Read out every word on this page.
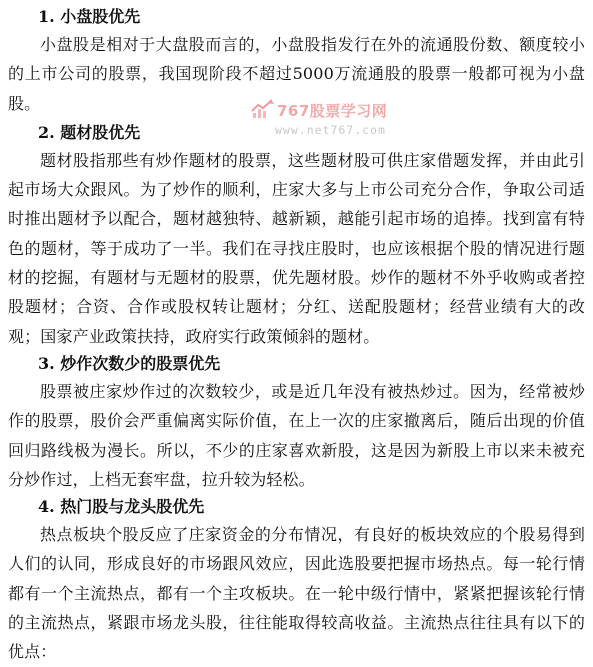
1. 小盘股优先

小盘股是相对于大盘股而言的，小盘股指发行在外的流通股份数、额度较小的上市公司的股票，我国现阶段不超过5000万流通股的股票一般都可视为小盘股。

2. 题材股优先

题材股指那些有炒作题材的股票，这些题材股可供庄家借题发挥，并由此引起市场大众跟风。为了炒作的顺利，庄家大多与上市公司充分合作，争取公司适时推出题材予以配合，题材越独特、越新颖，越能引起市场的追捧。找到富有特色的题材，等于成功了一半。我们在寻找庄股时，也应该根据个股的情况进行题材的挖掘，有题材与无题材的股票，优先题材股。炒作的题材不外乎收购或者控股题材；合资、合作或股权转让题材；分红、送配股题材；经营业绩有大的改观；国家产业政策扶持，政府实行政策倾斜的题材。

3. 炒作次数少的股票优先

股票被庄家炒作过的次数较少，或是近几年没有被热炒过。因为，经常被炒作的股票，股价会严重偏离实际价值，在上一次的庄家撤离后，随后出现的价值回归路线极为漫长。所以，不少的庄家喜欢新股，这是因为新股上市以来未被充分炒作过，上档无套牢盘，拉升较为轻松。

4. 热门股与龙头股优先

热点板块个股反应了庄家资金的分布情况，有良好的板块效应的个股易得到人们的认同，形成良好的市场跟风效应，因此选股要把握市场热点。每一轮行情都有一个主流热点，都有一个主攻板块。在一轮中级行情中，紧紧把握该轮行情的主流热点，紧跟市场龙头股，往往能取得较高收益。主流热点往往具有以下的优点：

767股票学习网
www.net767.com
